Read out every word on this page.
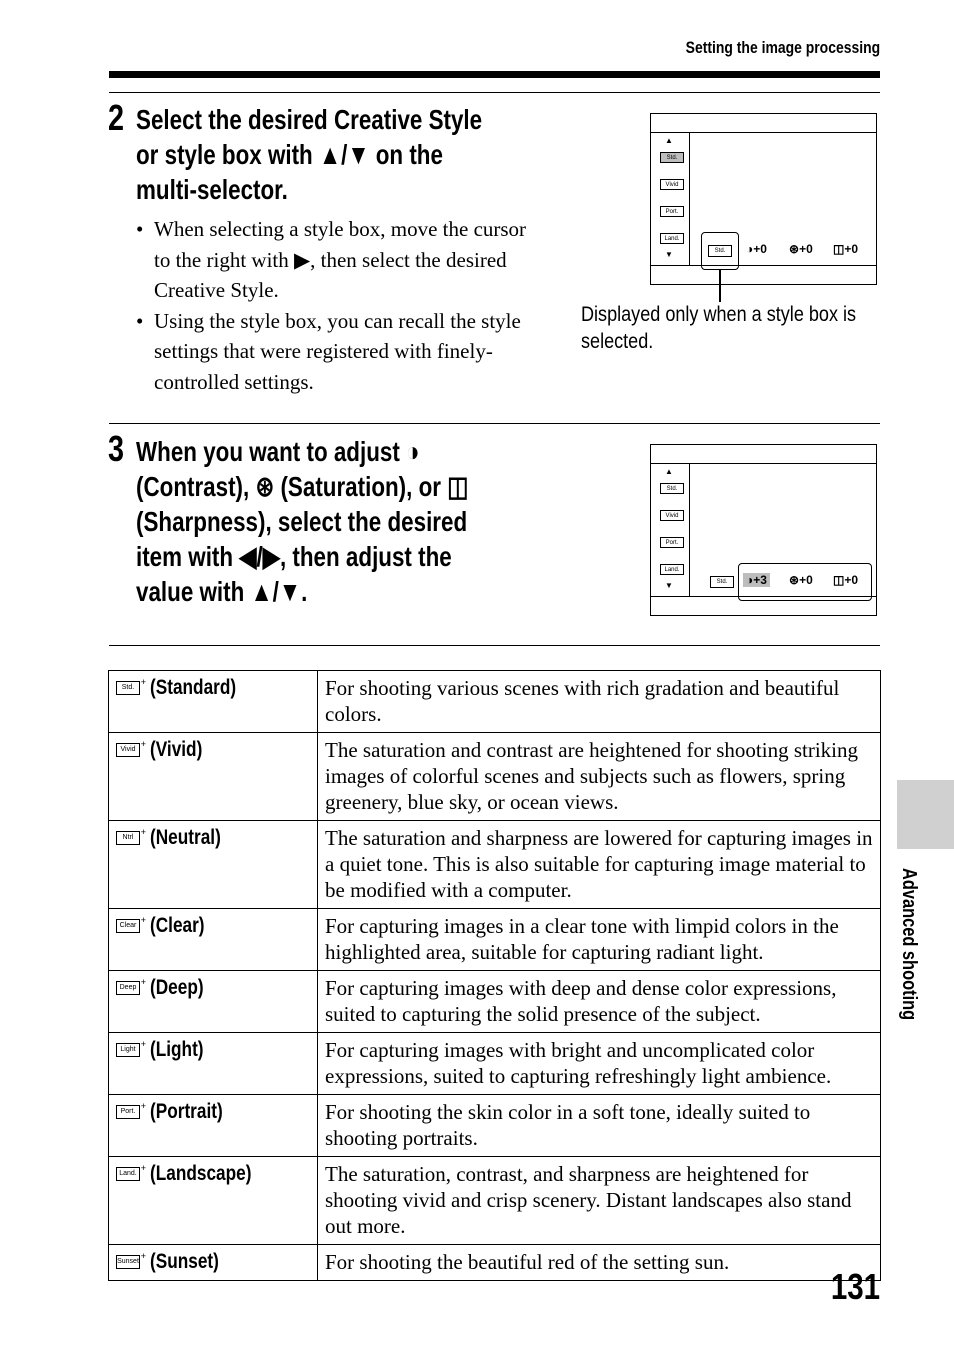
Setting the image processing
2 Select the desired Creative Style
or style box with ▲/▼ on the
multi-selector.
• When selecting a style box, move the cursor to the right with ▶, then select the desired Creative Style.
• Using the style box, you can recall the style settings that were registered with finely-controlled settings.
▲
Std.
Vivid
Port.
Land.
▼	Std.	◑+0 ⊛+0 ◫+0
Displayed only when a style box is selected.
3 When you want to adjust ◑
(Contrast), ⊛ (Saturation), or ◫
(Sharpness), select the desired
item with ◀/▶, then adjust the
value with ▲/▼.
▲
Std.
Vivid
Port.
Land.
▼	Std.	◑+3 ⊛+0 ◫+0
Std. + (Standard)	For shooting various scenes with rich gradation and beautiful colors.
Vivid + (Vivid)	The saturation and contrast are heightened for shooting striking images of colorful scenes and subjects such as flowers, spring greenery, blue sky, or ocean views.
Ntrl + (Neutral)	The saturation and sharpness are lowered for capturing images in a quiet tone. This is also suitable for capturing image material to be modified with a computer.
Clear + (Clear)	For capturing images in a clear tone with limpid colors in the highlighted area, suitable for capturing radiant light.
Deep + (Deep)	For capturing images with deep and dense color expressions, suited to capturing the solid presence of the subject.
Light + (Light)	For capturing images with bright and uncomplicated color expressions, suited to capturing refreshingly light ambience.
Port. + (Portrait)	For shooting the skin color in a soft tone, ideally suited to shooting portraits.
Land. + (Landscape)	The saturation, contrast, and sharpness are heightened for shooting vivid and crisp scenery. Distant landscapes also stand out more.
Sunset + (Sunset)	For shooting the beautiful red of the setting sun.
Advanced shooting
131
